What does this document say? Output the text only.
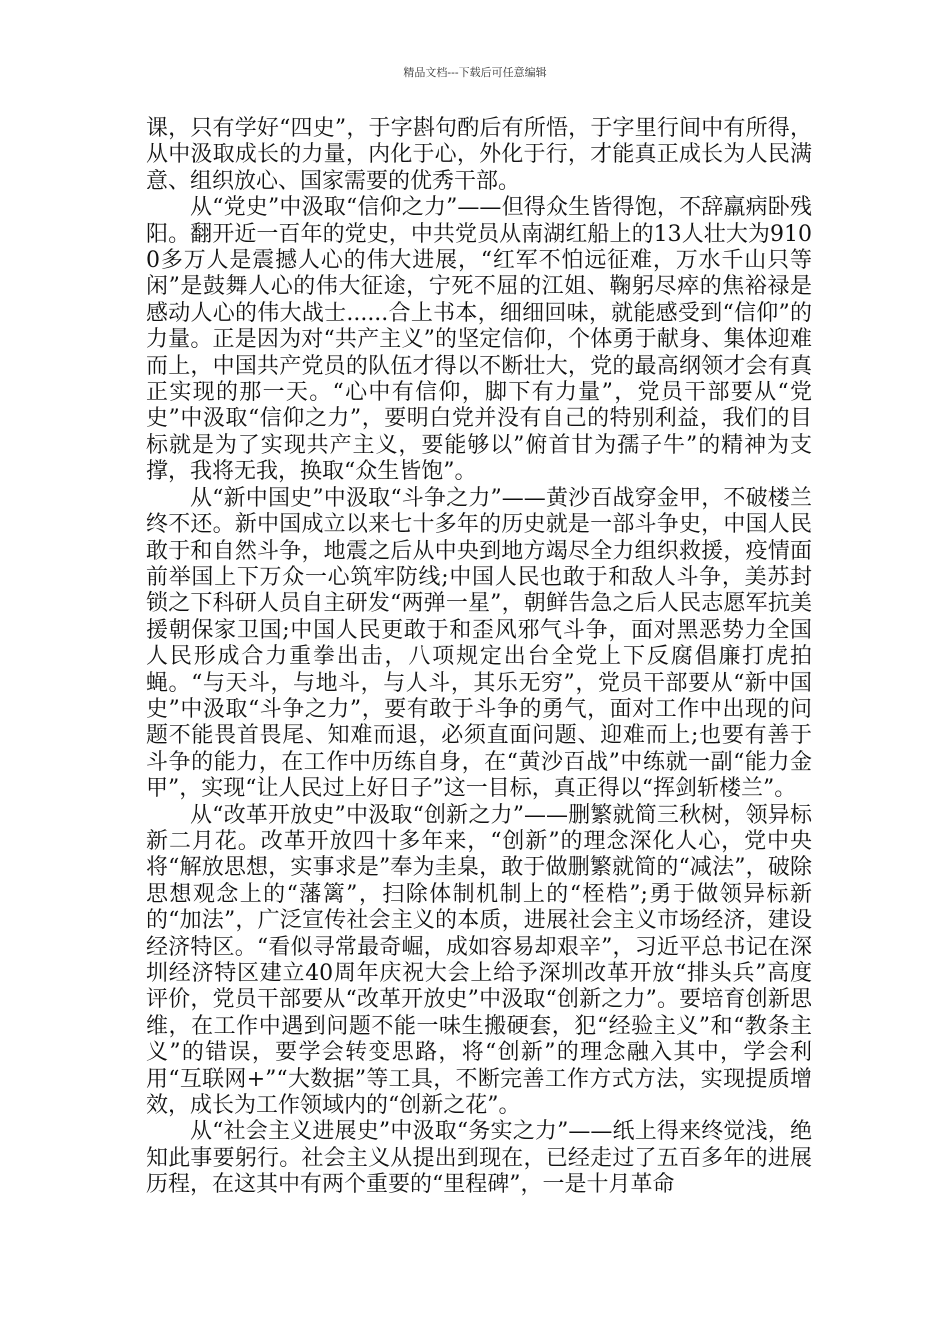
精品文档---下载后可任意编辑

课，只有学好“四史”，于字斟句酌后有所悟，于字里行间中有所得，从中汲取成长的力量，内化于心，外化于行，才能真正成长为人民满意、组织放心、国家需要的优秀干部。

从“党史”中汲取“信仰之力”——但得众生皆得饱，不辞羸病卧残阳。翻开近一百年的党史，中共党员从南湖红船上的13人壮大为9100多万人是震撼人心的伟大进展，“红军不怕远征难，万水千山只等闲”是鼓舞人心的伟大征途，宁死不屈的江姐、鞠躬尽瘁的焦裕禄是感动人心的伟大战士......合上书本，细细回味，就能感受到“信仰”的力量。正是因为对“共产主义”的坚定信仰，个体勇于献身、集体迎难而上，中国共产党员的队伍才得以不断壮大，党的最高纲领才会有真正实现的那一天。“心中有信仰，脚下有力量”，党员干部要从“党史”中汲取“信仰之力”，要明白党并没有自己的特别利益，我们的目标就是为了实现共产主义，要能够以”俯首甘为孺子牛”的精神为支撑，我将无我，换取“众生皆饱”。

从“新中国史”中汲取“斗争之力”——黄沙百战穿金甲，不破楼兰终不还。新中国成立以来七十多年的历史就是一部斗争史，中国人民敢于和自然斗争，地震之后从中央到地方竭尽全力组织救援，疫情面前举国上下万众一心筑牢防线;中国人民也敢于和敌人斗争，美苏封锁之下科研人员自主研发“两弹一星”，朝鲜告急之后人民志愿军抗美援朝保家卫国;中国人民更敢于和歪风邪气斗争，面对黑恶势力全国人民形成合力重拳出击，八项规定出台全党上下反腐倡廉打虎拍蝇。“与天斗，与地斗，与人斗，其乐无穷”，党员干部要从“新中国史”中汲取“斗争之力”，要有敢于斗争的勇气，面对工作中出现的问题不能畏首畏尾、知难而退，必须直面问题、迎难而上;也要有善于斗争的能力，在工作中历练自身，在“黄沙百战”中练就一副“能力金甲”，实现“让人民过上好日子”这一目标，真正得以“挥剑斩楼兰”。

从“改革开放史”中汲取“创新之力”——删繁就简三秋树，领异标新二月花。改革开放四十多年来，“创新”的理念深化人心，党中央将“解放思想，实事求是”奉为圭臬，敢于做删繁就简的“减法”，破除思想观念上的“藩篱”，扫除体制机制上的“桎梏”;勇于做领异标新的“加法”，广泛宣传社会主义的本质，进展社会主义市场经济，建设经济特区。“看似寻常最奇崛，成如容易却艰辛”，习近平总书记在深圳经济特区建立40周年庆祝大会上给予深圳改革开放“排头兵”高度评价，党员干部要从“改革开放史”中汲取“创新之力”。要培育创新思维，在工作中遇到问题不能一味生搬硬套，犯“经验主义”和“教条主义”的错误，要学会转变思路，将“创新”的理念融入其中，学会利用“互联网+”“大数据”等工具，不断完善工作方式方法，实现提质增效，成长为工作领域内的“创新之花”。

从“社会主义进展史”中汲取“务实之力”——纸上得来终觉浅，绝知此事要躬行。社会主义从提出到现在，已经走过了五百多年的进展历程，在这其中有两个重要的“里程碑”，一是十月革命
